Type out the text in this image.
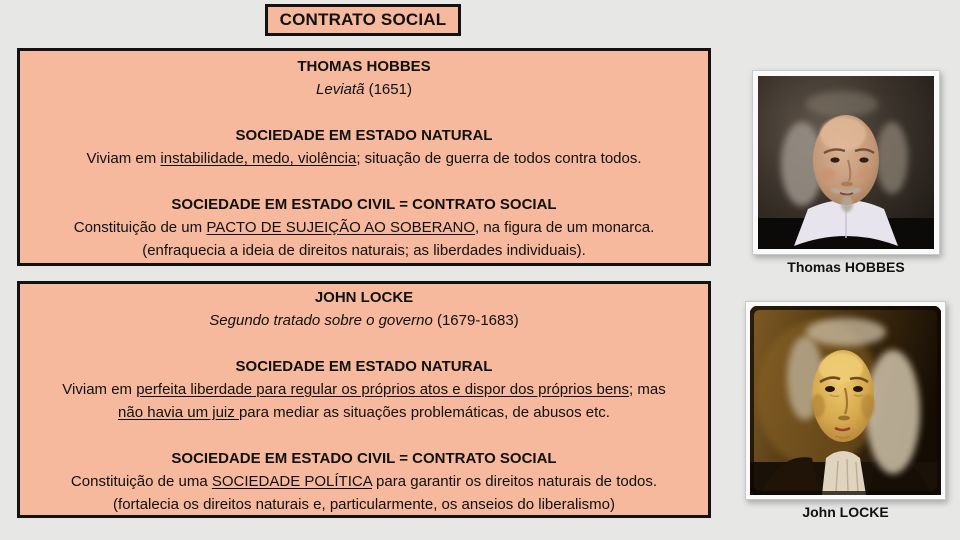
CONTRATO SOCIAL
THOMAS HOBBES
Leviatã (1651)

SOCIEDADE EM ESTADO NATURAL
Viviam em instabilidade, medo, violência; situação de guerra de todos contra todos.

SOCIEDADE EM ESTADO CIVIL = CONTRATO SOCIAL
Constituição de um PACTO DE SUJEIÇÃO AO SOBERANO, na figura de um monarca.
(enfraquecia a ideia de direitos naturais; as liberdades individuais).
JOHN LOCKE
Segundo tratado sobre o governo (1679-1683)

SOCIEDADE EM ESTADO NATURAL
Viviam em perfeita liberdade para regular os próprios atos e dispor dos próprios bens; mas
não havia um juiz para mediar as situações problemáticas, de abusos etc.

SOCIEDADE EM ESTADO CIVIL = CONTRATO SOCIAL
Constituição de uma SOCIEDADE POLÍTICA para garantir os direitos naturais de todos.
(fortalecia os direitos naturais e, particularmente, os anseios do liberalismo)
Thomas HOBBES
John LOCKE
